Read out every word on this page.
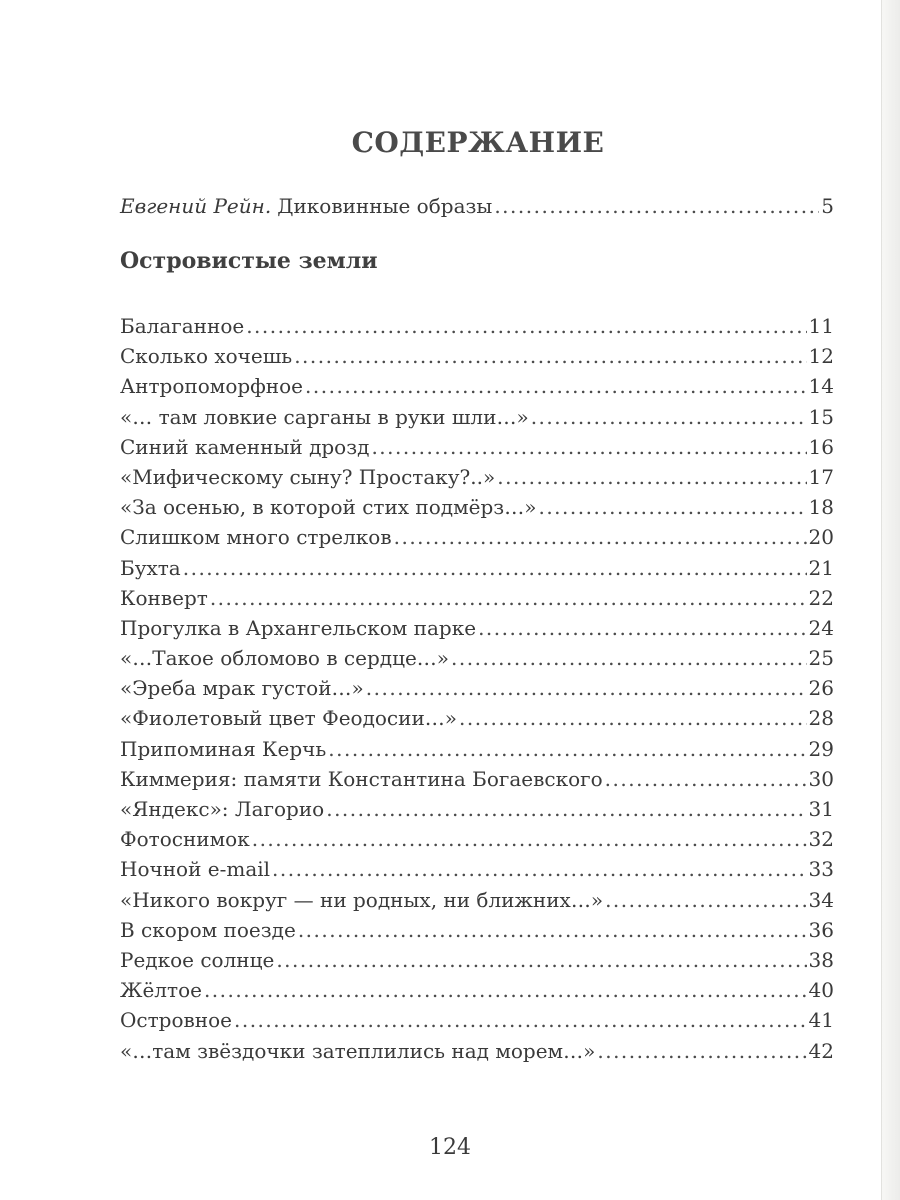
СОДЕРЖАНИЕ
Евгений Рейн. Диковинные образы .....	5
Островистые земли
Балаганное .....	11
Сколько хочешь .....	12
Антропоморфное .....	14
«… там ловкие сарганы в руки шли…» .....	15
Синий каменный дрозд .....	16
«Мифическому сыну? Простаку?..» .....	17
«За осенью, в которой стих подмёрз…» .....	18
Слишком много стрелков .....	20
Бухта .....	21
Конверт .....	22
Прогулка в Архангельском парке .....	24
«…Такое обломово в сердце…» .....	25
«Эреба мрак густой…» .....	26
«Фиолетовый цвет Феодосии…» .....	28
Припоминая Керчь .....	29
Киммерия: памяти Константина Богаевского .....	30
«Яндекс»: Лагорио .....	31
Фотоснимок .....	32
Ночной e-mail .....	33
«Никого вокруг — ни родных, ни ближних…» .....	34
В скором поезде .....	36
Редкое солнце .....	38
Жёлтое .....	40
Островное .....	41
«…там звёздочки затеплились над морем…» .....	42
124
